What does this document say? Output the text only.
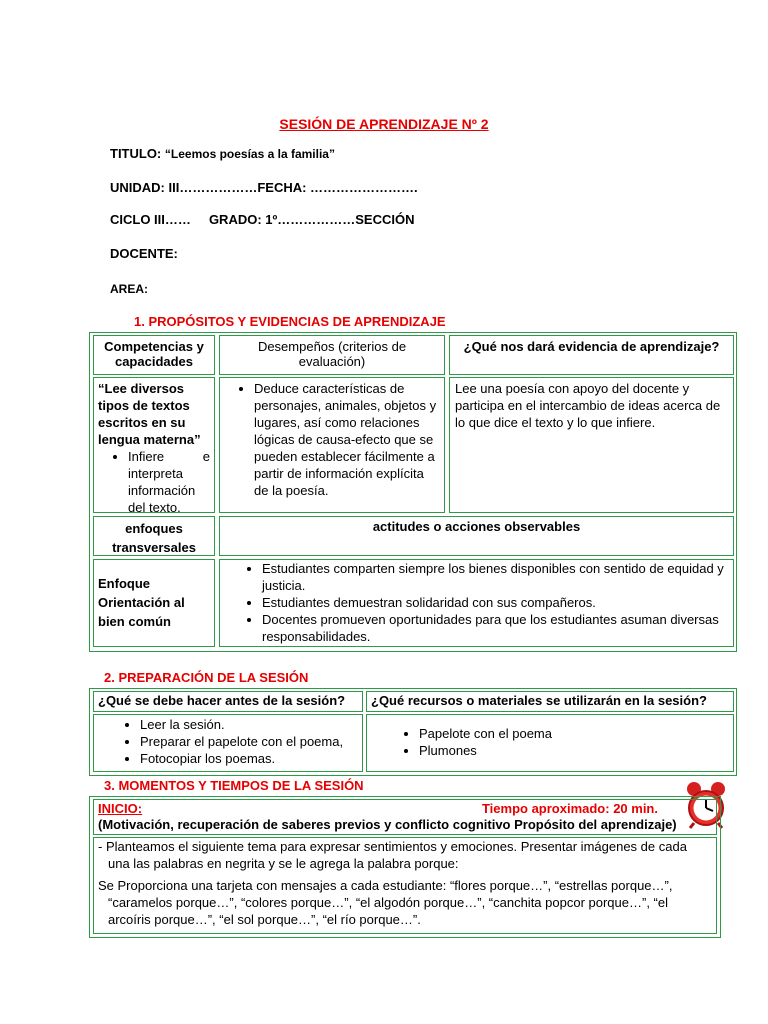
SESIÓN DE APRENDIZAJE Nº 2
TITULO: “Leemos poesías a la familia”
UNIDAD: III………………FECHA: …………………….
CICLO III……     GRADO: 1º………………SECCIÓN
DOCENTE:
AREA:
1. PROPÓSITOS Y EVIDENCIAS DE APRENDIZAJE
Competencias y capacidades
Desempeños (criterios de evaluación)
¿Qué nos dará evidencia de aprendizaje?
“Lee diversos tipos de textos escritos en su lengua materna”
• Infiere e interpreta información del texto.
• Deduce características de personajes, animales, objetos y lugares, así como relaciones lógicas de causa-efecto que se pueden establecer fácilmente a partir de información explícita de la poesía.
Lee una poesía con apoyo del docente y participa en el intercambio de ideas acerca de lo que dice el texto y lo que infiere.
enfoques transversales
actitudes o acciones observables
Enfoque Orientación al bien común
• Estudiantes comparten siempre los bienes disponibles con sentido de equidad y justicia.
• Estudiantes demuestran solidaridad con sus compañeros.
• Docentes promueven oportunidades para que los estudiantes asuman diversas responsabilidades.
2. PREPARACIÓN DE LA SESIÓN
¿Qué se debe hacer antes de la sesión?	¿Qué recursos o materiales se utilizarán en la sesión?
• Leer la sesión.
• Preparar el papelote con el poema,
• Fotocopiar los poemas.
• Papelote con el poema
• Plumones
3. MOMENTOS Y TIEMPOS DE LA SESIÓN
INICIO:	Tiempo aproximado: 20 min.
(Motivación, recuperación de saberes previos y conflicto cognitivo Propósito del aprendizaje)
- Planteamos el siguiente tema para expresar sentimientos y emociones. Presentar imágenes de cada una las palabras en negrita y se le agrega la palabra porque:
Se Proporciona una tarjeta con mensajes a cada estudiante: “flores porque…”, “estrellas porque…”, “caramelos porque…”, “colores porque…”, “el algodón porque…”, “canchita popcor porque…”, “el arcoíris porque…”, “el sol porque…”, “el río porque…”.
